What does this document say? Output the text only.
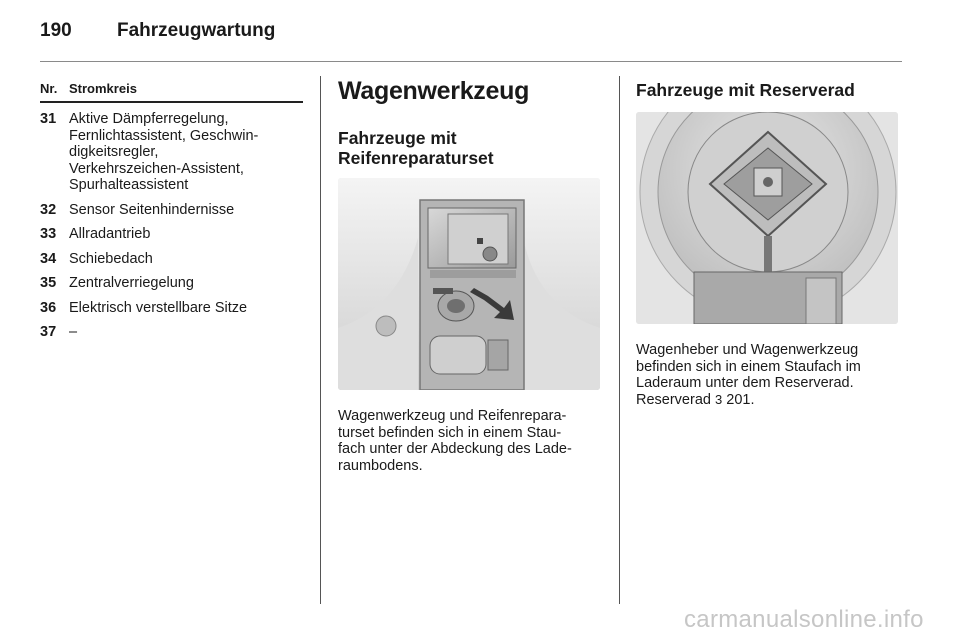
190 Fahrzeugwartung
Nr. Stromkreis
31 Aktive Dämpferregelung,
Fernlichtassistent, Geschwin-
digkeitsregler,
Verkehrszeichen-Assistent,
Spurhalteassistent
32 Sensor Seitenhindernisse
33 Allradantrieb
34 Schiebedach
35 Zentralverriegelung
36 Elektrisch verstellbare Sitze
37 –
Wagenwerkzeug
Fahrzeuge mit
Reifenreparaturset
Wagenwerkzeug und Reifenrepara-
turset befinden sich in einem Stau-
fach unter der Abdeckung des Lade-
raumbodens.
Fahrzeuge mit Reserverad
Wagenheber und Wagenwerkzeug
befinden sich in einem Staufach im
Laderaum unter dem Reserverad.
Reserverad 3 201.
carmanualsonline.info
